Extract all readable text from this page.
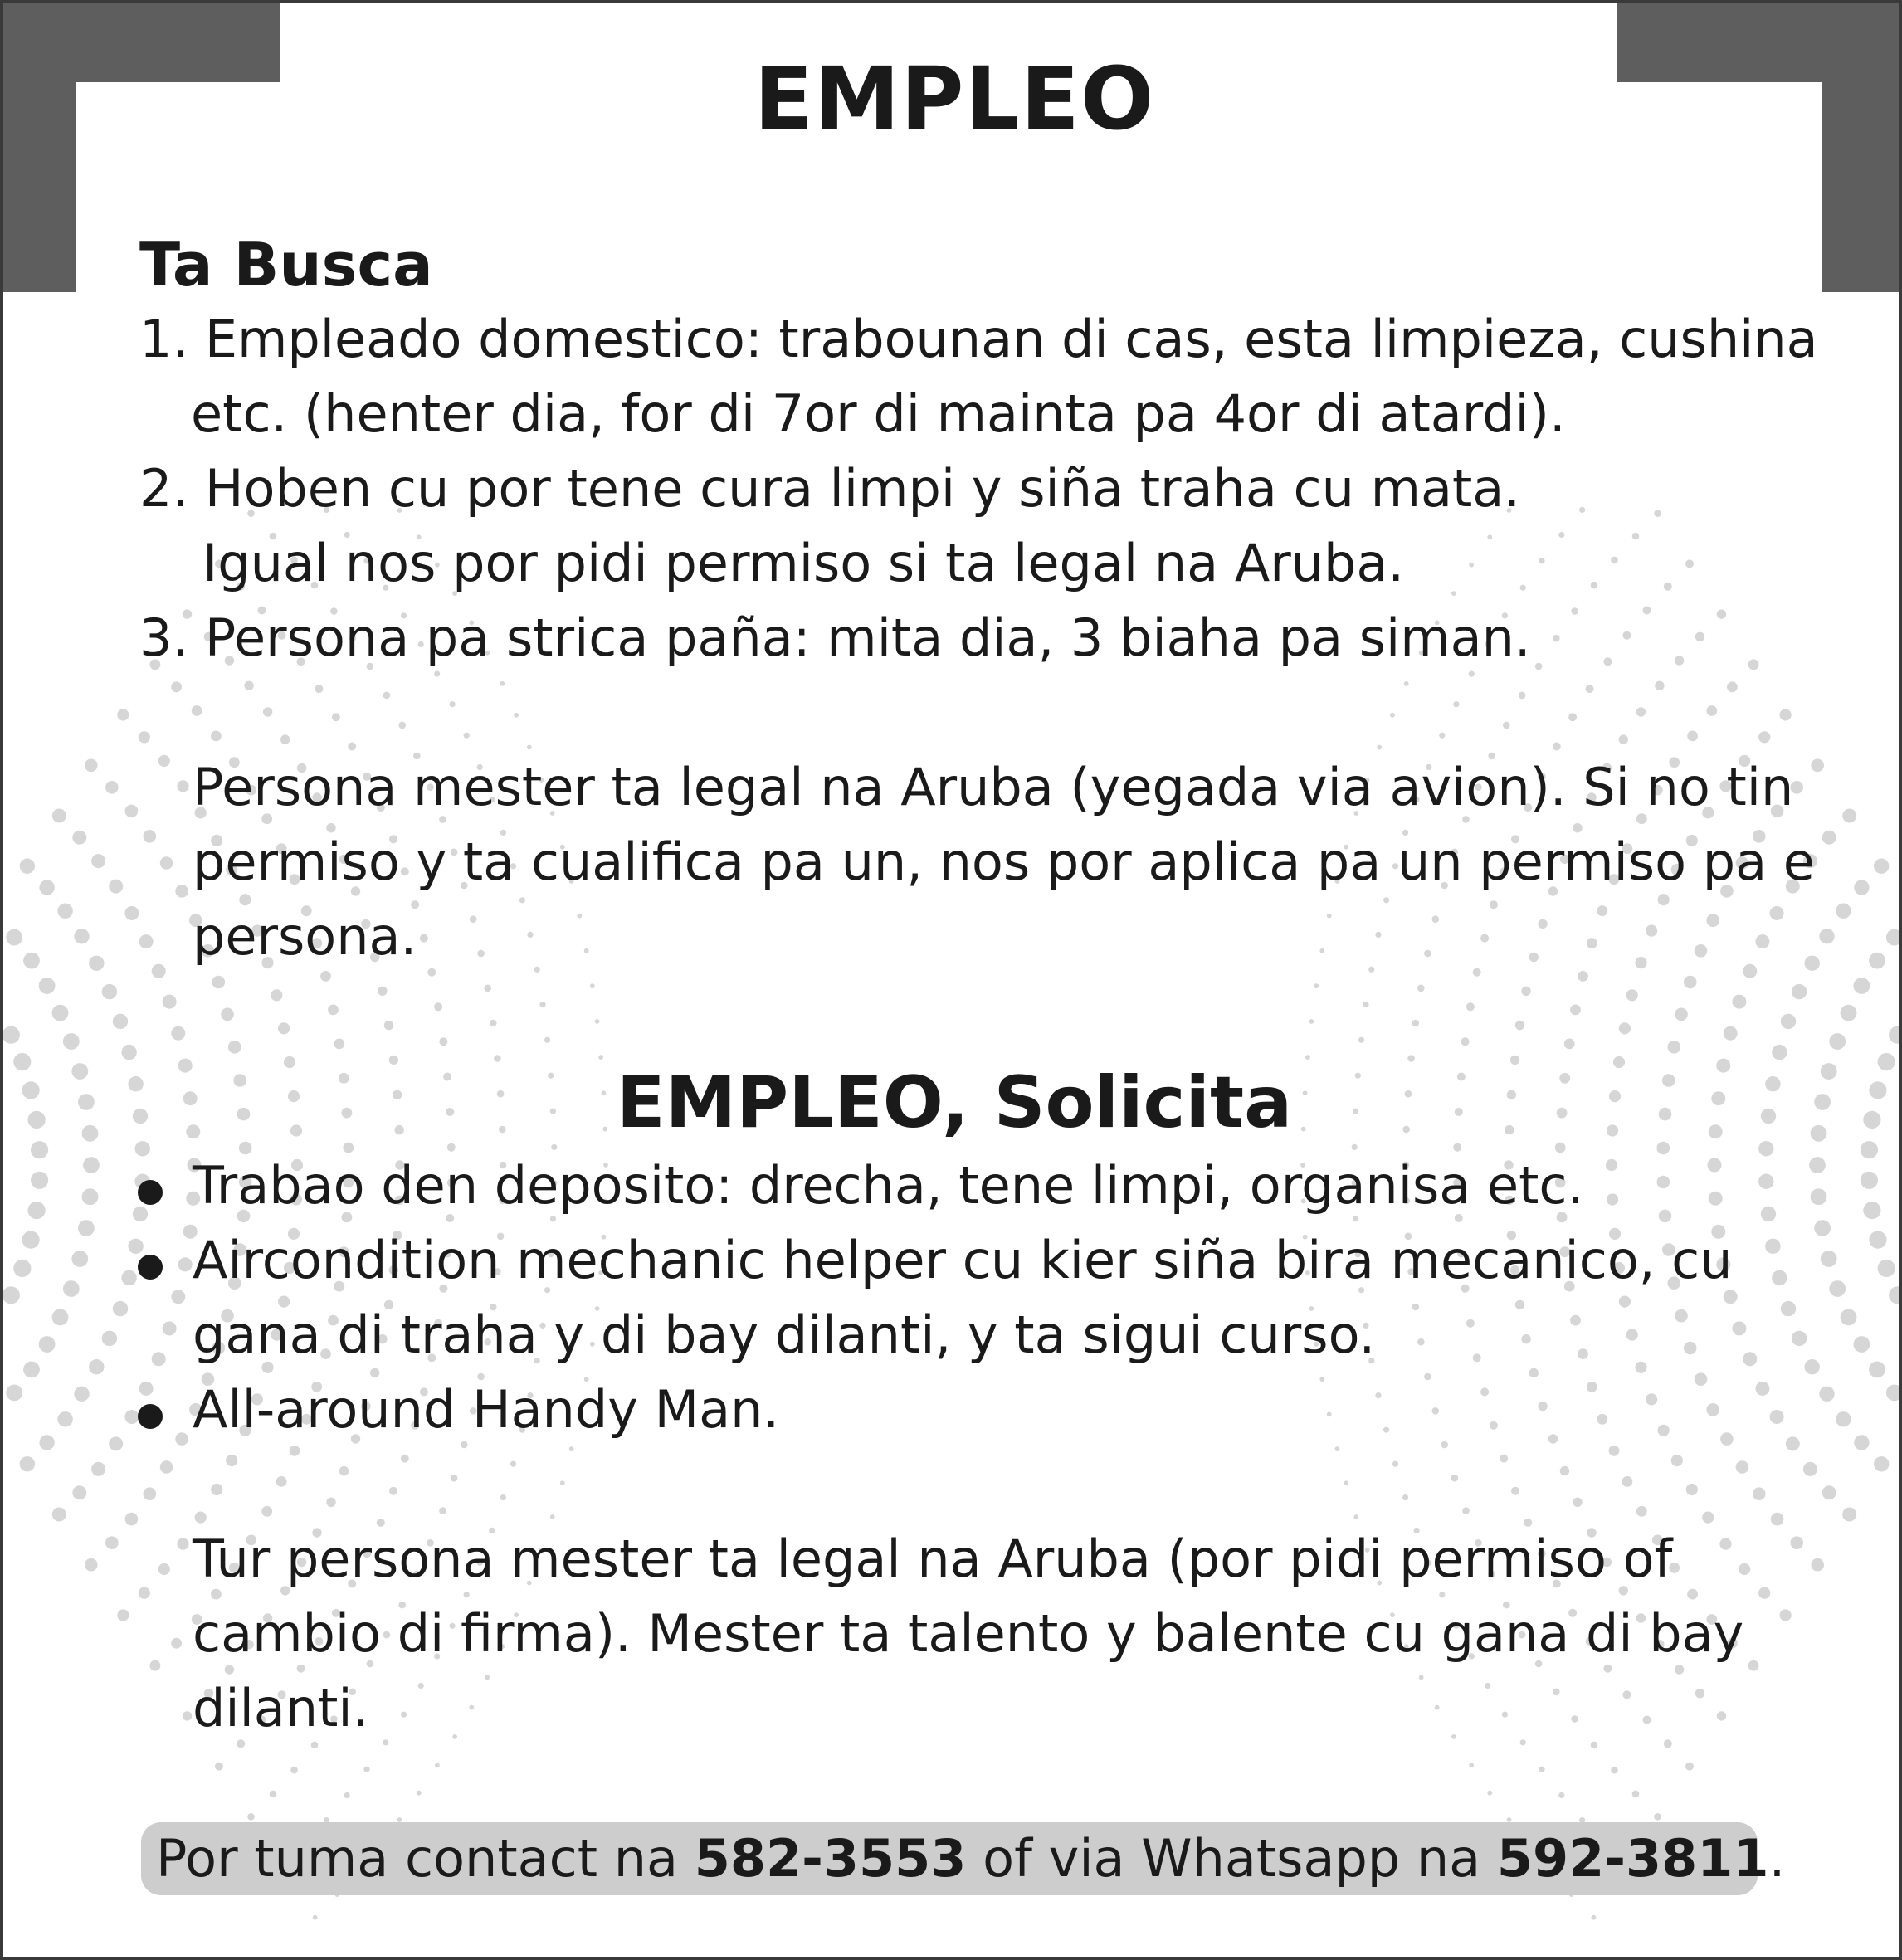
EMPLEO
Ta Busca
1. Empleado domestico: trabounan di cas, esta limpieza, cushina
etc. (henter dia, for di 7or di mainta pa 4or di atardi).
2. Hoben cu por tene cura limpi y siña traha cu mata.
Igual nos por pidi permiso si ta legal na Aruba.
3. Persona pa strica paña: mita dia, 3 biaha pa siman.
Persona mester ta legal na Aruba (yegada via avion). Si no tin
permiso y ta cualifica pa un, nos por aplica pa un permiso pa e
persona.
EMPLEO, Solicita
Trabao den deposito: drecha, tene limpi, organisa etc.
Aircondition mechanic helper cu kier siña bira mecanico, cu
gana di traha y di bay dilanti, y ta sigui curso.
All-around Handy Man.
Tur persona mester ta legal na Aruba (por pidi permiso of
cambio di firma). Mester ta talento y balente cu gana di bay
dilanti.
Por tuma contact na 582-3553 of via Whatsapp na 592-3811.
